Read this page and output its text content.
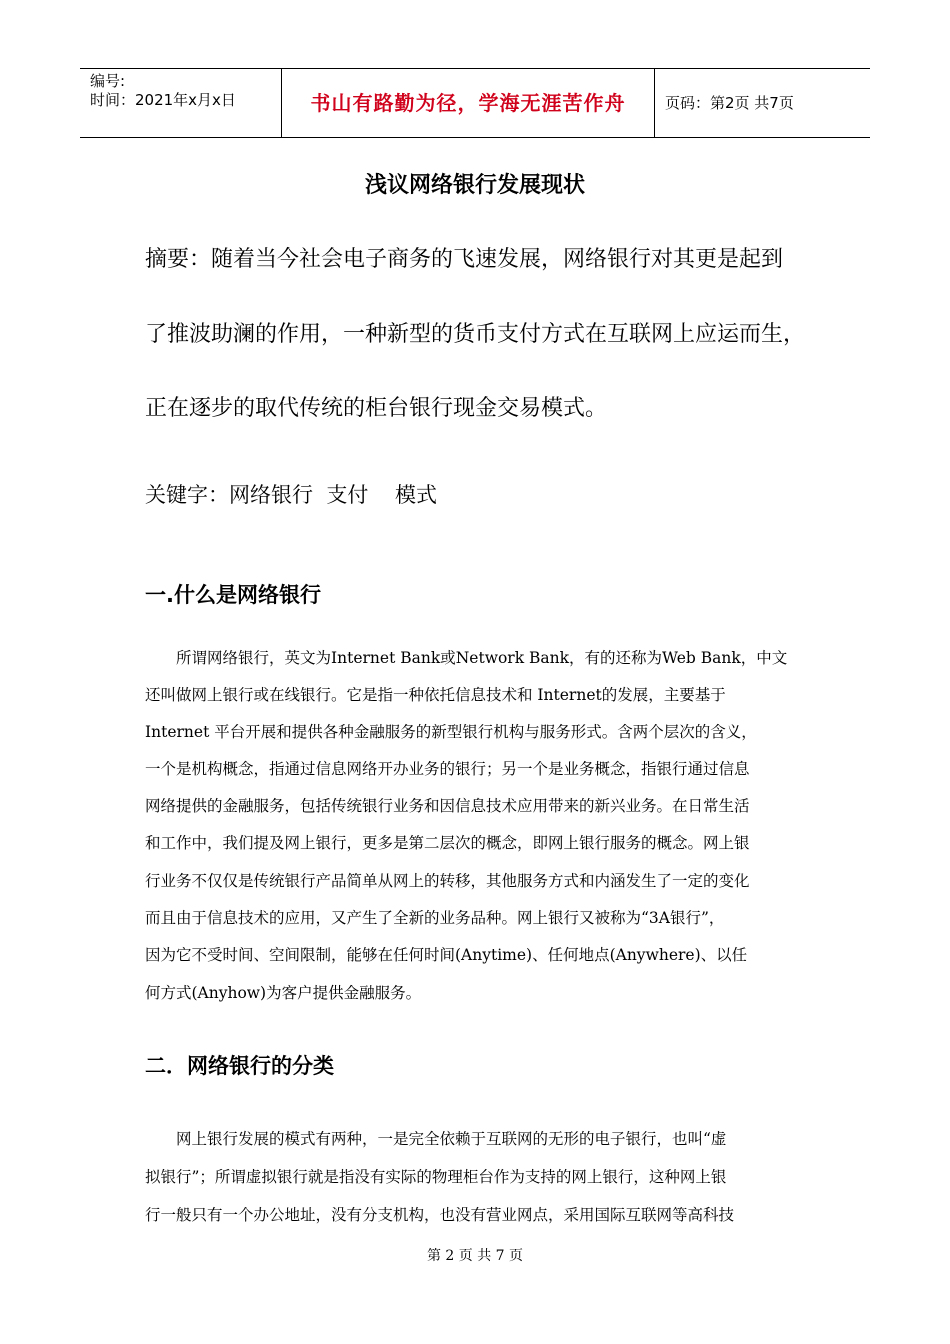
编号:
时间：2021年x月x日	书山有路勤为径，学海无涯苦作舟	页码：第2页 共7页
浅议网络银行发展现状
摘要：随着当今社会电子商务的飞速发展，网络银行对其更是起到
了推波助澜的作用，一种新型的货币支付方式在互联网上应运而生，
正在逐步的取代传统的柜台银行现金交易模式。
关键字：网络银行  支付    模式
一.什么是网络银行
所谓网络银行，英文为Internet Bank或Network Bank，有的还称为Web Bank，中文
还叫做网上银行或在线银行。它是指一种依托信息技术和 Internet的发展，主要基于
Internet 平台开展和提供各种金融服务的新型银行机构与服务形式。含两个层次的含义，
一个是机构概念，指通过信息网络开办业务的银行；另一个是业务概念，指银行通过信息
网络提供的金融服务，包括传统银行业务和因信息技术应用带来的新兴业务。在日常生活
和工作中，我们提及网上银行，更多是第二层次的概念，即网上银行服务的概念。网上银
行业务不仅仅是传统银行产品简单从网上的转移，其他服务方式和内涵发生了一定的变化
而且由于信息技术的应用，又产生了全新的业务品种。网上银行又被称为“3A银行”，
因为它不受时间、空间限制，能够在任何时间(Anytime)、任何地点(Anywhere)、以任
何方式(Anyhow)为客户提供金融服务。
二．网络银行的分类
网上银行发展的模式有两种，一是完全依赖于互联网的无形的电子银行，也叫“虚
拟银行”；所谓虚拟银行就是指没有实际的物理柜台作为支持的网上银行，这种网上银
行一般只有一个办公地址，没有分支机构，也没有营业网点，采用国际互联网等高科技
第 2 页 共 7 页
